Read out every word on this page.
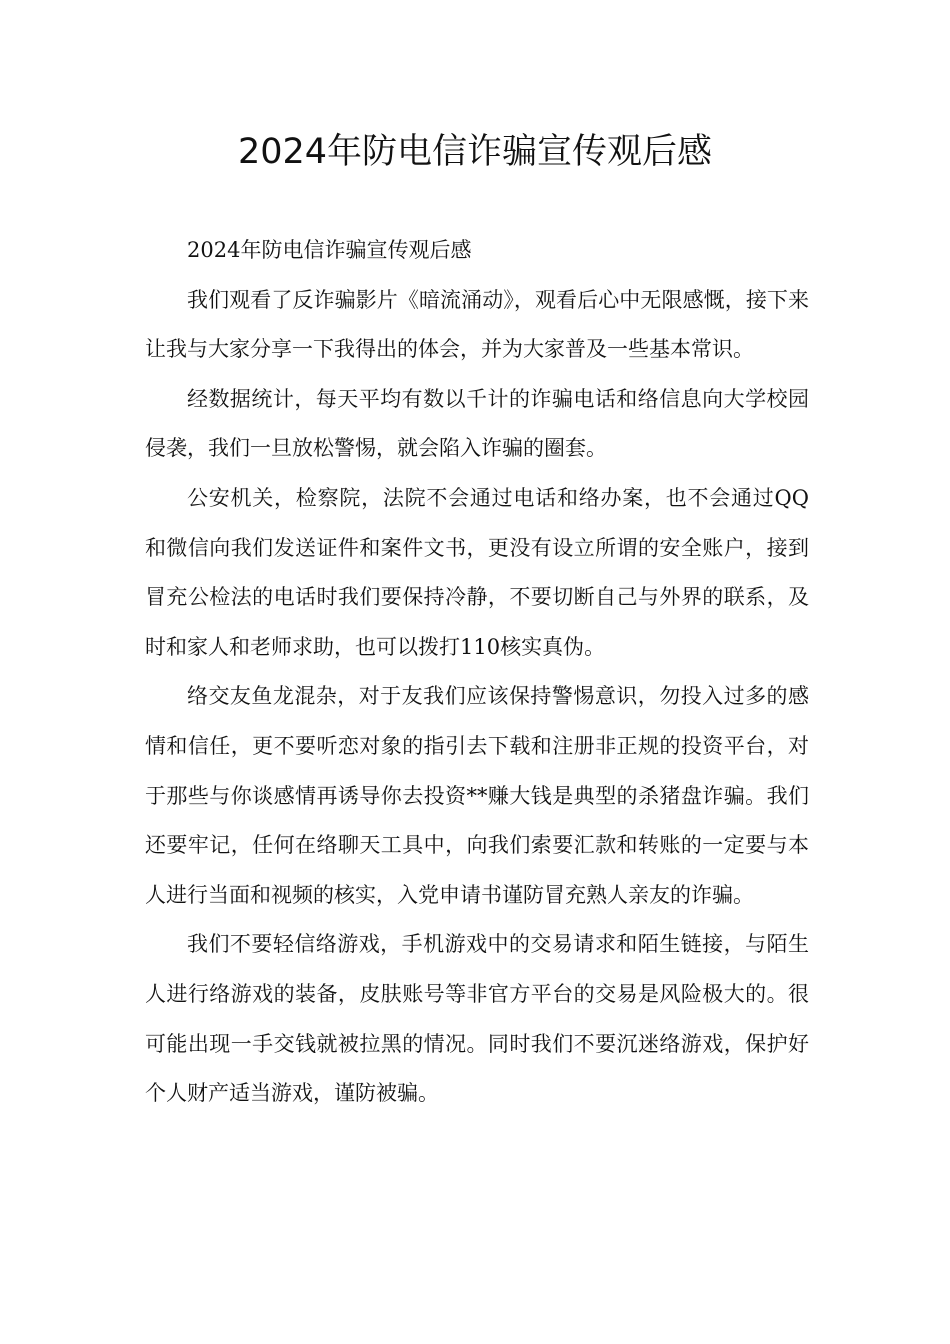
2024年防电信诈骗宣传观后感

2024年防电信诈骗宣传观后感

我们观看了反诈骗影片《暗流涌动》，观看后心中无限感慨，接下来让我与大家分享一下我得出的体会，并为大家普及一些基本常识。

经数据统计，每天平均有数以千计的诈骗电话和络信息向大学校园侵袭，我们一旦放松警惕，就会陷入诈骗的圈套。

公安机关，检察院，法院不会通过电话和络办案，也不会通过QQ和微信向我们发送证件和案件文书，更没有设立所谓的安全账户，接到冒充公检法的电话时我们要保持冷静，不要切断自己与外界的联系，及时和家人和老师求助，也可以拨打110核实真伪。

络交友鱼龙混杂，对于友我们应该保持警惕意识，勿投入过多的感情和信任，更不要听恋对象的指引去下载和注册非正规的投资平台，对于那些与你谈感情再诱导你去投资**赚大钱是典型的杀猪盘诈骗。我们还要牢记，任何在络聊天工具中，向我们索要汇款和转账的一定要与本人进行当面和视频的核实，入党申请书谨防冒充熟人亲友的诈骗。

我们不要轻信络游戏，手机游戏中的交易请求和陌生链接，与陌生人进行络游戏的装备，皮肤账号等非官方平台的交易是风险极大的。很可能出现一手交钱就被拉黑的情况。同时我们不要沉迷络游戏，保护好个人财产适当游戏，谨防被骗。
